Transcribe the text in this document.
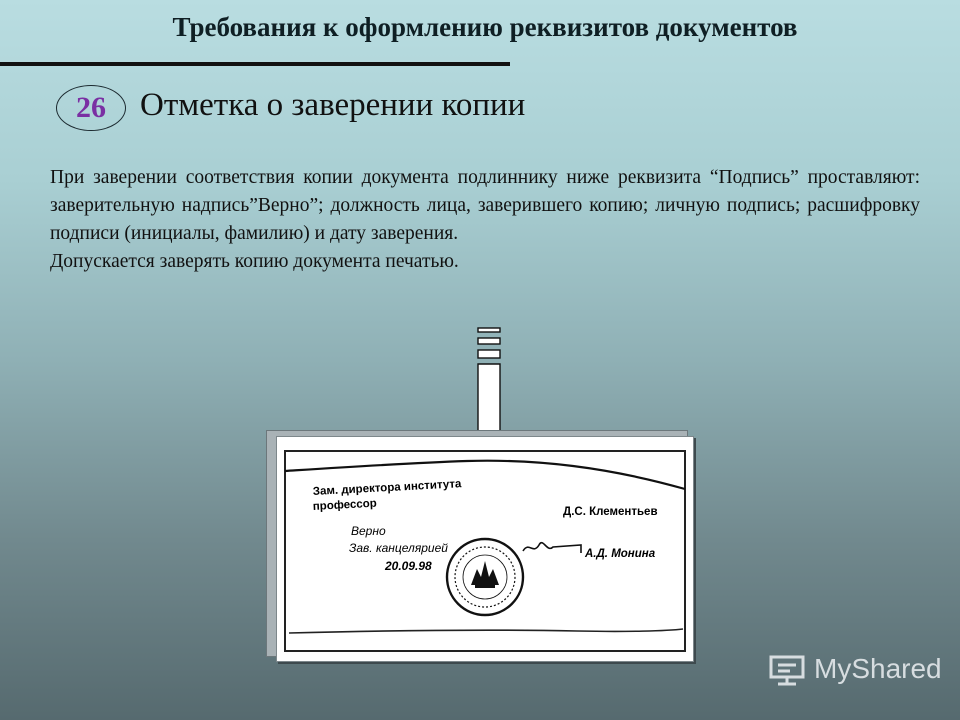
Требования к оформлению реквизитов документов
26	Отметка о заверении копии

При заверении соответствия копии документа подлиннику ниже реквизита “Подпись” проставляют: заверительную надпись”Верно”; должность лица, заверившего копию; личную подпись; расшифровку подписи (инициалы, фамилию) и дату заверения.

Допускается заверять копию документа печатью.

Зам. директора института
профессор	Д.С. Клементьев
Верно
Зав. канцелярией
20.09.98
А.Д. Монина
MyShared
